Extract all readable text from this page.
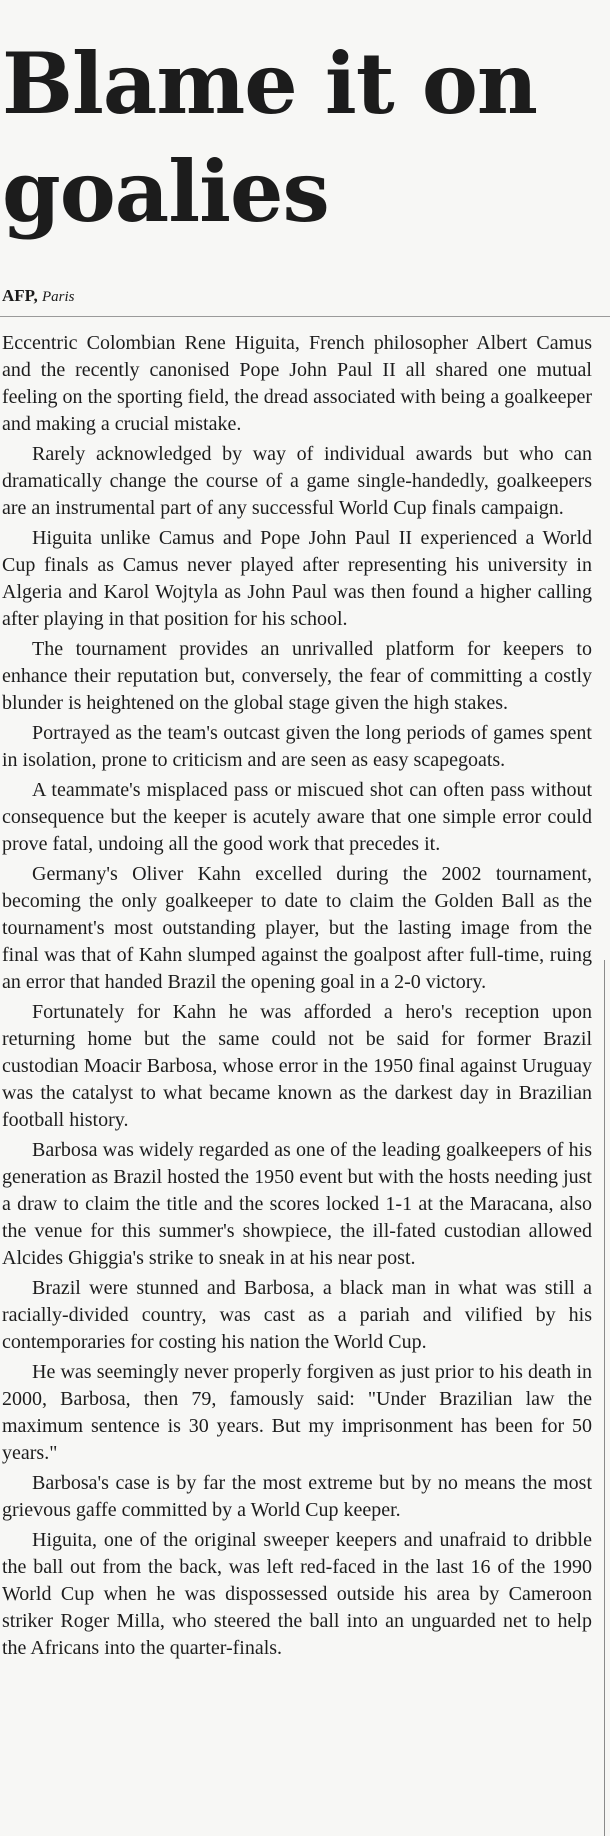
Blame it on goalies
AFP, Paris

Eccentric Colombian Rene Higuita, French philosopher Albert Camus and the recently canonised Pope John Paul II all shared one mutual feeling on the sporting field, the dread associated with being a goalkeeper and making a crucial mistake.

Rarely acknowledged by way of individual awards but who can dramatically change the course of a game single-handedly, goalkeepers are an instrumental part of any successful World Cup finals campaign.

Higuita unlike Camus and Pope John Paul II experienced a World Cup finals as Camus never played after representing his university in Algeria and Karol Wojtyla as John Paul was then found a higher calling after playing in that position for his school.

The tournament provides an unrivalled platform for keepers to enhance their reputation but, conversely, the fear of committing a costly blunder is heightened on the global stage given the high stakes.

Portrayed as the team's outcast given the long periods of games spent in isolation, prone to criticism and are seen as easy scapegoats.

A teammate's misplaced pass or miscued shot can often pass without consequence but the keeper is acutely aware that one simple error could prove fatal, undoing all the good work that precedes it.

Germany's Oliver Kahn excelled during the 2002 tournament, becoming the only goalkeeper to date to claim the Golden Ball as the tournament's most outstanding player, but the lasting image from the final was that of Kahn slumped against the goalpost after full-time, ruing an error that handed Brazil the opening goal in a 2-0 victory.

Fortunately for Kahn he was afforded a hero's reception upon returning home but the same could not be said for former Brazil custodian Moacir Barbosa, whose error in the 1950 final against Uruguay was the catalyst to what became known as the darkest day in Brazilian football history.

Barbosa was widely regarded as one of the leading goalkeepers of his generation as Brazil hosted the 1950 event but with the hosts needing just a draw to claim the title and the scores locked 1-1 at the Maracana, also the venue for this summer's showpiece, the ill-fated custodian allowed Alcides Ghiggia's strike to sneak in at his near post.

Brazil were stunned and Barbosa, a black man in what was still a racially-divided country, was cast as a pariah and vilified by his contemporaries for costing his nation the World Cup.

He was seemingly never properly forgiven as just prior to his death in 2000, Barbosa, then 79, famously said: "Under Brazilian law the maximum sentence is 30 years. But my imprisonment has been for 50 years."

Barbosa's case is by far the most extreme but by no means the most grievous gaffe committed by a World Cup keeper.

Higuita, one of the original sweeper keepers and unafraid to dribble the ball out from the back, was left red-faced in the last 16 of the 1990 World Cup when he was dispossessed outside his area by Cameroon striker Roger Milla, who steered the ball into an unguarded net to help the Africans into the quarter-finals.
